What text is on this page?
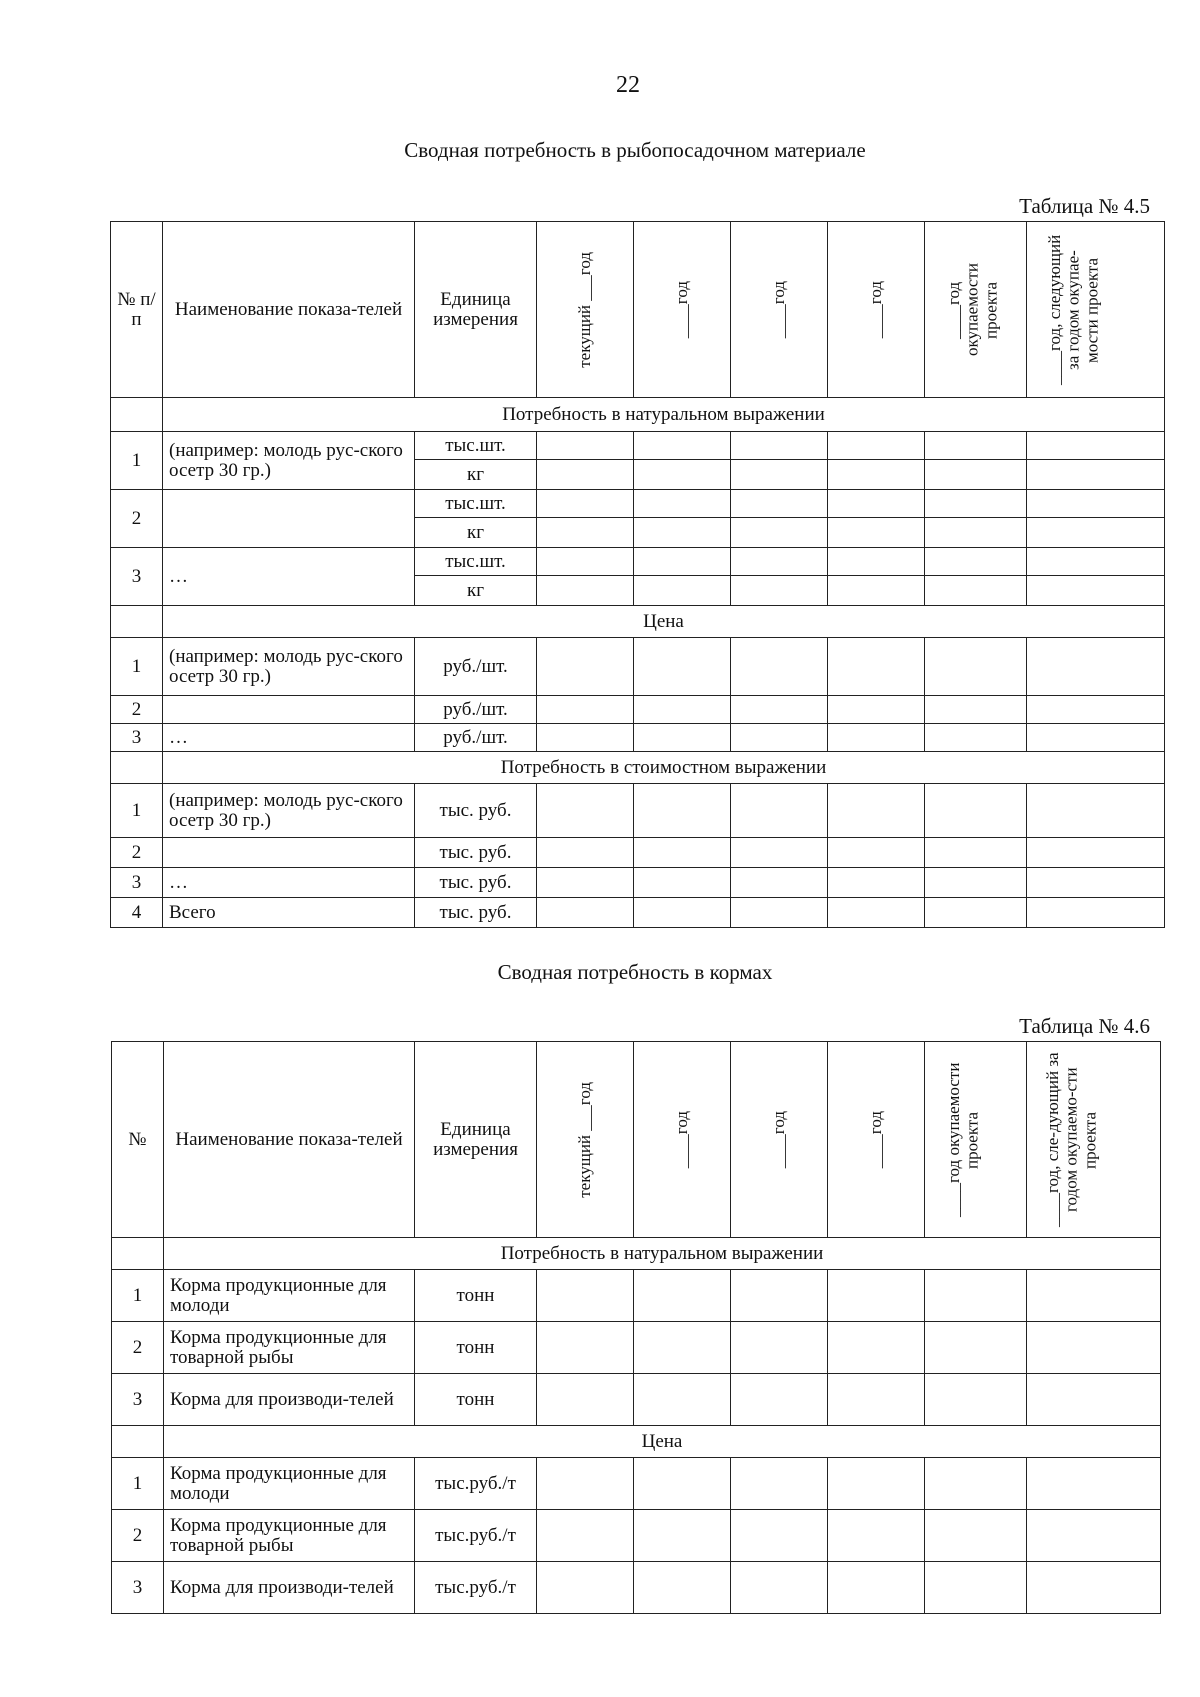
22
Сводная потребность в рыбопосадочном материале
Таблица № 4.5
№ п/п	Наименование показа-телей	Единица измерения	текущий ___год	____год	____год	____год	____год окупаемости проекта	____год, следующий за годом окупае-мости проекта

	Потребность в натуральном выражении							
1	(например: молодь рус-ского осетр 30 гр.)	тыс.шт.						
		кг						
2		тыс.шт.						
		кг						
3	…	тыс.шт.						
		кг						
	Цена							
1	(например: молодь рус-ского осетр 30 гр.)	руб./шт.						
2		руб./шт.						
3	…	руб./шт.						
	Потребность в стоимостном выражении							
1	(например: молодь рус-ского осетр 30 гр.)	тыс. руб.						
2		тыс. руб.						
3	…	тыс. руб.						
4	Всего	тыс. руб.						
Сводная потребность в кормах
Таблица № 4.6
№	Наименование показа-телей	Единица измерения	текущий ___год	____год	____год	____год	____год окупаемости проекта	____год, сле-дующий за годом окупаемо-сти проекта

	Потребность в натуральном выражении							
1	Корма продукционные для молоди	тонн						
2	Корма продукционные для товарной рыбы	тонн						
3	Корма для производи-телей	тонн						
	Цена							
1	Корма продукционные для молоди	тыс.руб./т						
2	Корма продукционные для товарной рыбы	тыс.руб./т						
3	Корма для производи-телей	тыс.руб./т						
